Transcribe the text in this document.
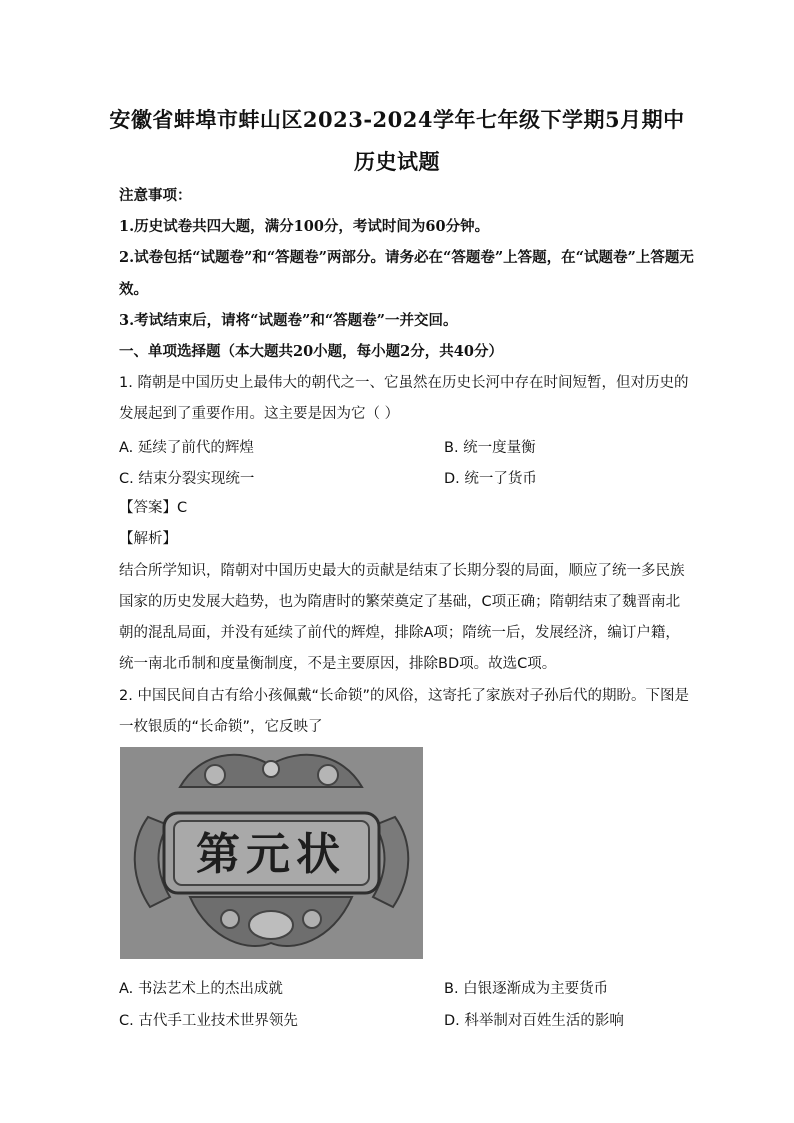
安徽省蚌埠市蚌山区2023-2024学年七年级下学期5月期中
历史试题
注意事项：
1.历史试卷共四大题，满分100分，考试时间为60分钟。
2.试卷包括“试题卷”和“答题卷”两部分。请务必在“答题卷”上答题，在“试题卷”上答题无
效。
3.考试结束后，请将“试题卷”和“答题卷”一并交回。
一、单项选择题（本大题共20小题，每小题2分，共40分）
1. 隋朝是中国历史上最伟大的朝代之一、它虽然在历史长河中存在时间短暂，但对历史的
发展起到了重要作用。这主要是因为它（ ）
A. 延续了前代的辉煌	B. 统一度量衡
C. 结束分裂实现统一	D. 统一了货币
【答案】C
【解析】
结合所学知识，隋朝对中国历史最大的贡献是结束了长期分裂的局面，顺应了统一多民族
国家的历史发展大趋势，也为隋唐时的繁荣奠定了基础，C项正确；隋朝结束了魏晋南北
朝的混乱局面，并没有延续了前代的辉煌，排除A项；隋统一后，发展经济，编订户籍，
统一南北币制和度量衡制度，不是主要原因，排除BD项。故选C项。
2. 中国民间自古有给小孩佩戴“长命锁”的风俗，这寄托了家族对子孙后代的期盼。下图是
一枚银质的“长命锁”，它反映了
第元状
A. 书法艺术上的杰出成就	B. 白银逐渐成为主要货币
C. 古代手工业技术世界领先	D. 科举制对百姓生活的影响
